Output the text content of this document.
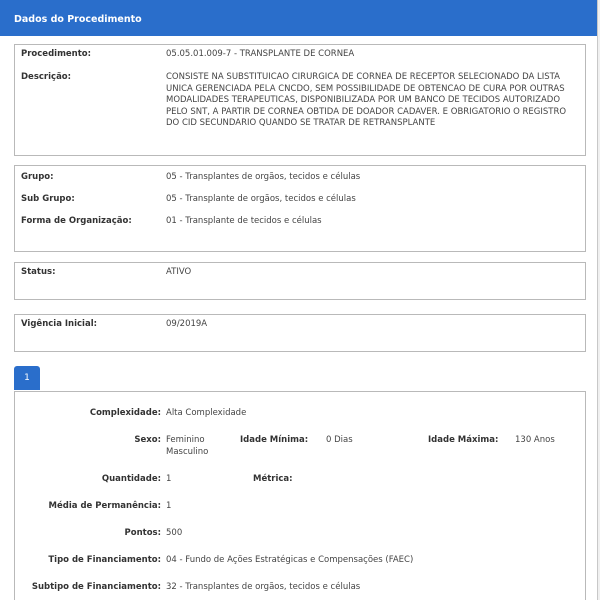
Dados do Procedimento
Procedimento:	05.05.01.009-7 - TRANSPLANTE DE CORNEA
Descrição:	CONSISTE NA SUBSTITUICAO CIRURGICA DE CORNEA DE RECEPTOR SELECIONADO DA LISTA UNICA GERENCIADA PELA CNCDO, SEM POSSIBILIDADE DE OBTENCAO DE CURA POR OUTRAS MODALIDADES TERAPEUTICAS, DISPONIBILIZADA POR UM BANCO DE TECIDOS AUTORIZADO PELO SNT, A PARTIR DE CORNEA OBTIDA DE DOADOR CADAVER. E OBRIGATORIO O REGISTRO DO CID SECUNDARIO QUANDO SE TRATAR DE RETRANSPLANTE
Grupo:	05 - Transplantes de orgãos, tecidos e células
Sub Grupo:	05 - Transplante de orgãos, tecidos e células
Forma de Organização:	01 - Transplante de tecidos e células
Status:	ATIVO
Vigência Inicial:	09/2019A
1
Complexidade: Alta Complexidade
Sexo: Feminino
Masculino
Idade Mínima: 0 Dias	Idade Máxima: 130 Anos
Quantidade: 1	Métrica:
Média de Permanência: 1
Pontos: 500
Tipo de Financiamento: 04 - Fundo de Ações Estratégicas e Compensações (FAEC)
Subtipo de Financiamento: 32 - Transplantes de orgãos, tecidos e células
